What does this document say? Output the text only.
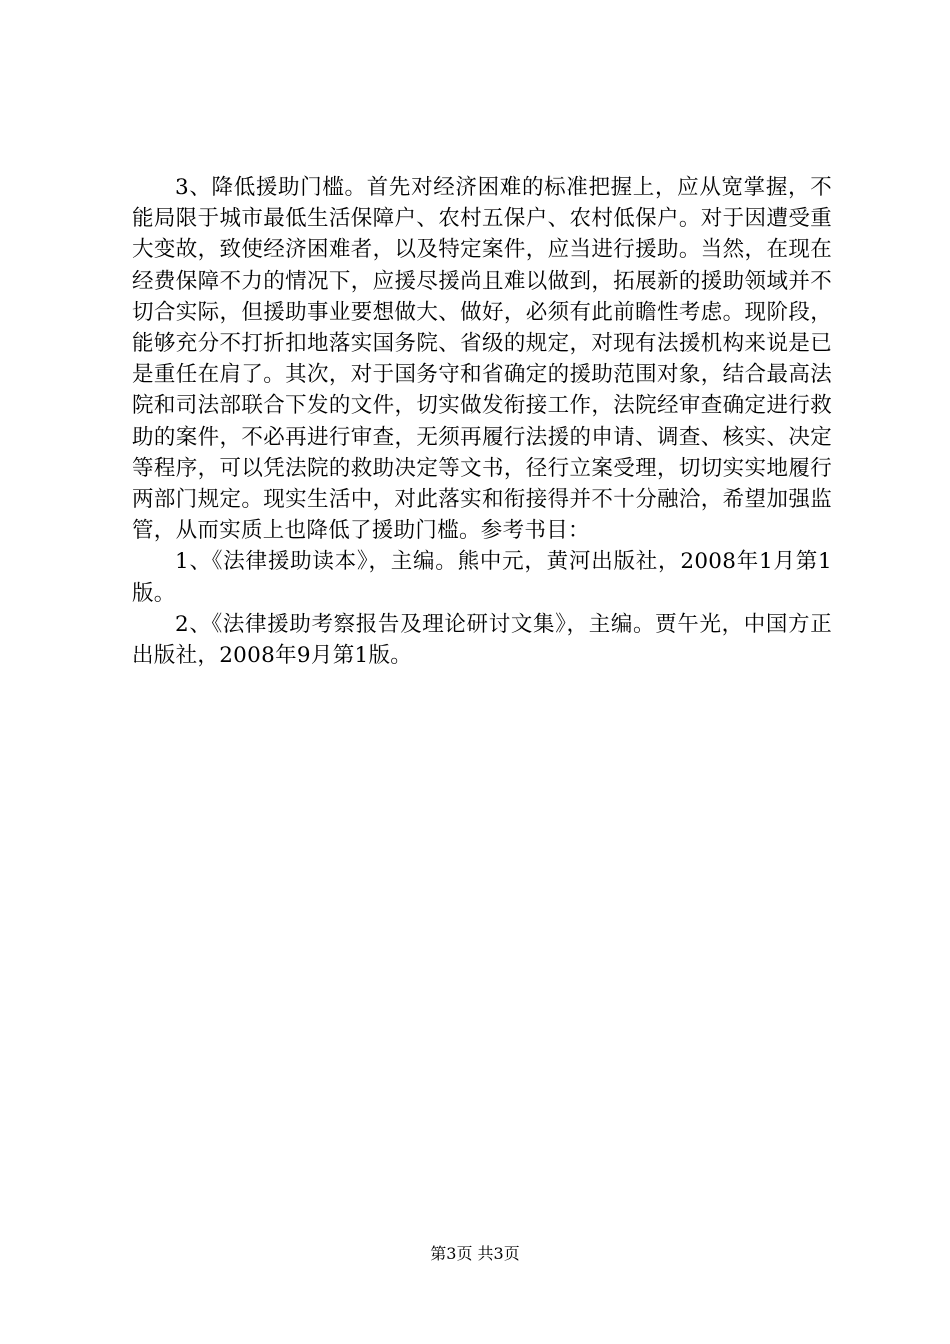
3、降低援助门槛。首先对经济困难的标准把握上，应从宽掌握，不能局限于城市最低生活保障户、农村五保户、农村低保户。对于因遭受重大变故，致使经济困难者，以及特定案件，应当进行援助。当然，在现在经费保障不力的情况下，应援尽援尚且难以做到，拓展新的援助领域并不切合实际，但援助事业要想做大、做好，必须有此前瞻性考虑。现阶段，能够充分不打折扣地落实国务院、省级的规定，对现有法援机构来说是已是重任在肩了。其次，对于国务守和省确定的援助范围对象，结合最高法院和司法部联合下发的文件，切实做发衔接工作，法院经审查确定进行救助的案件，不必再进行审查，无须再履行法援的申请、调查、核实、决定等程序，可以凭法院的救助决定等文书，径行立案受理，切切实实地履行两部门规定。现实生活中，对此落实和衔接得并不十分融洽，希望加强监管，从而实质上也降低了援助门槛。参考书目：

1、《法律援助读本》，主编。熊中元，黄河出版社，2008年1月第1版。

2、《法律援助考察报告及理论研讨文集》，主编。贾午光，中国方正出版社，2008年9月第1版。

第3页 共3页
